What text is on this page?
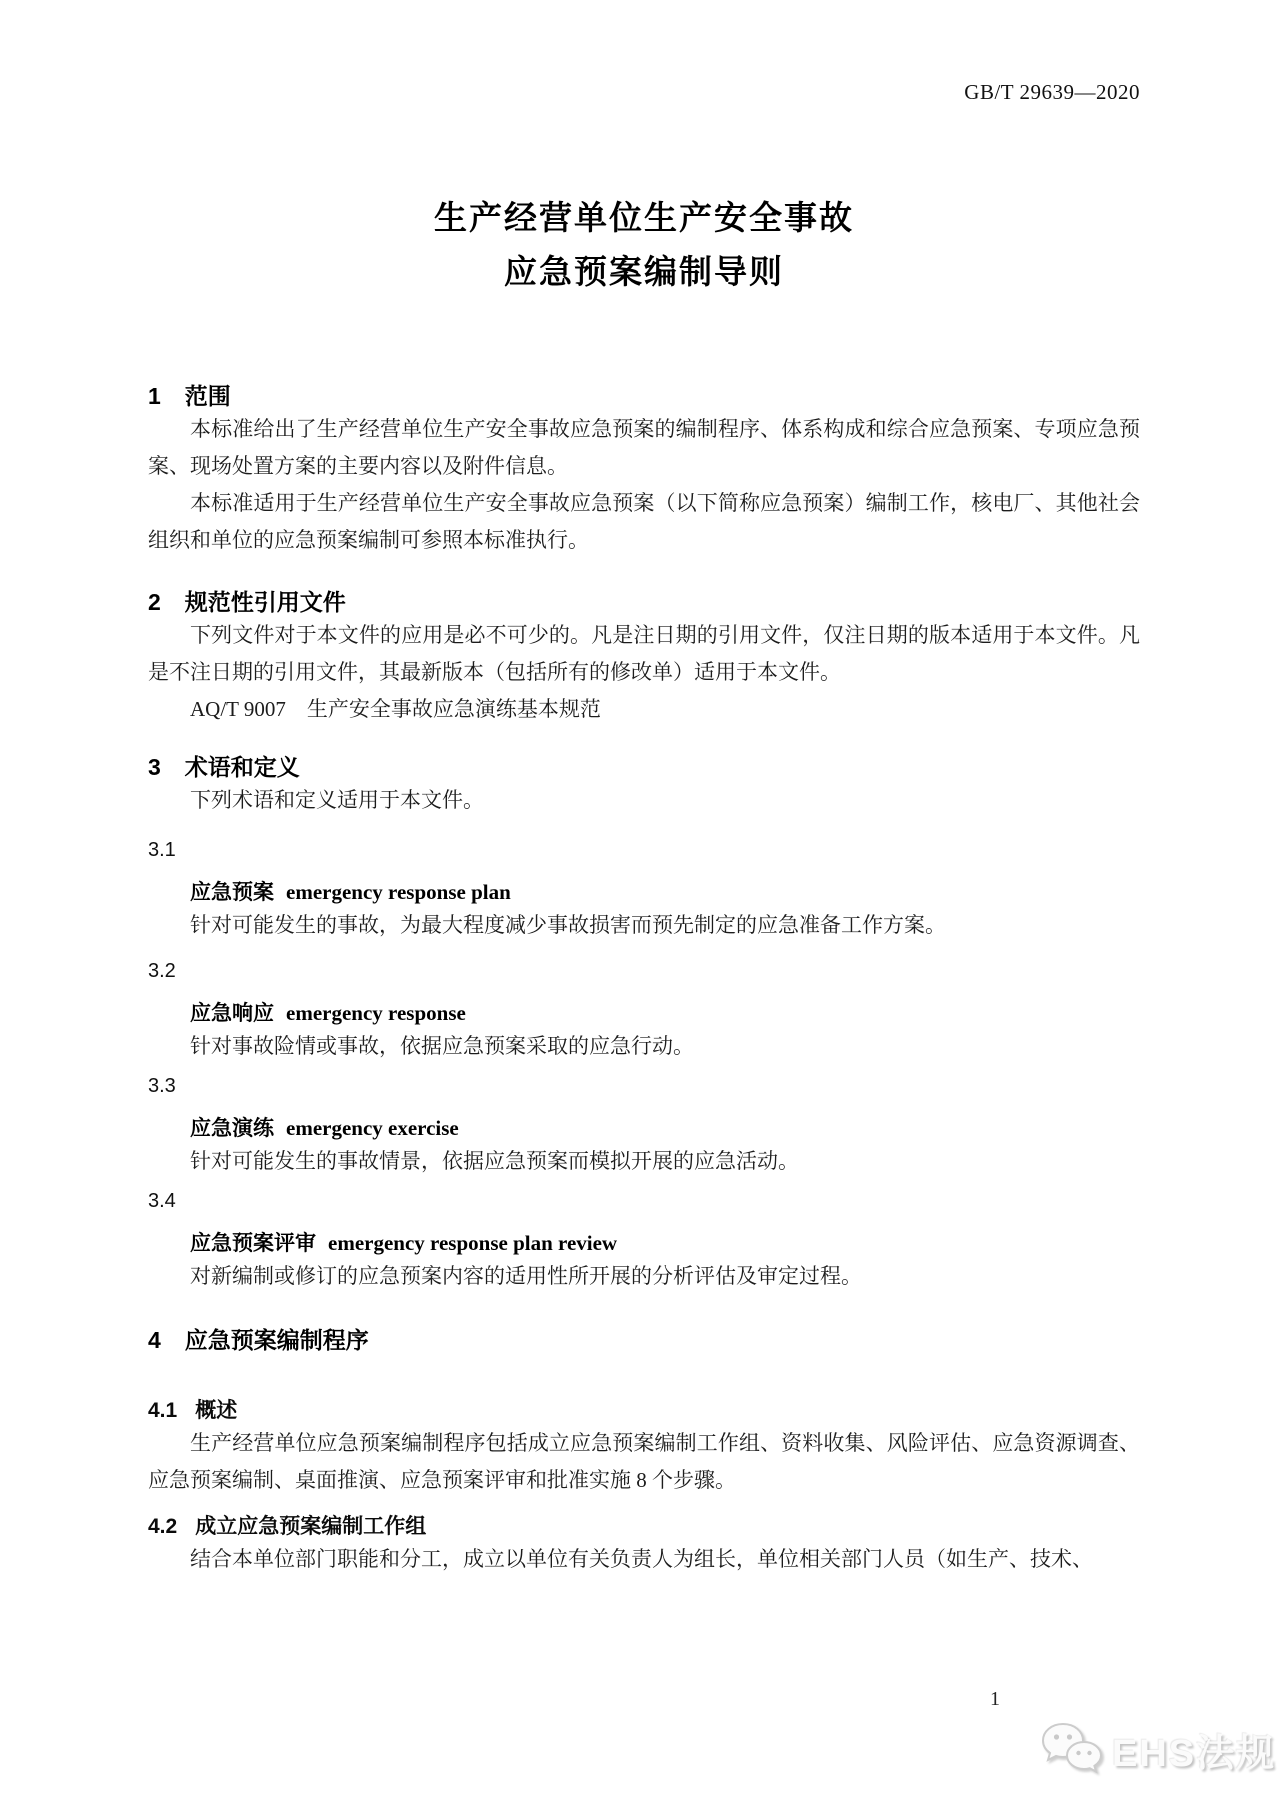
GB/T 29639—2020
生产经营单位生产安全事故
应急预案编制导则
1 范围

本标准给出了生产经营单位生产安全事故应急预案的编制程序、体系构成和综合应急预案、专项应急预案、现场处置方案的主要内容以及附件信息。

本标准适用于生产经营单位生产安全事故应急预案（以下简称应急预案）编制工作，核电厂、其他社会组织和单位的应急预案编制可参照本标准执行。

2 规范性引用文件

下列文件对于本文件的应用是必不可少的。凡是注日期的引用文件，仅注日期的版本适用于本文件。凡是不注日期的引用文件，其最新版本（包括所有的修改单）适用于本文件。

AQ/T 9007　生产安全事故应急演练基本规范

3 术语和定义

下列术语和定义适用于本文件。

3.1
应急预案 emergency response plan

针对可能发生的事故，为最大程度减少事故损害而预先制定的应急准备工作方案。

3.2
应急响应 emergency response

针对事故险情或事故，依据应急预案采取的应急行动。

3.3
应急演练 emergency exercise

针对可能发生的事故情景，依据应急预案而模拟开展的应急活动。

3.4
应急预案评审 emergency response plan review

对新编制或修订的应急预案内容的适用性所开展的分析评估及审定过程。

4 应急预案编制程序
4.1 概述

生产经营单位应急预案编制程序包括成立应急预案编制工作组、资料收集、风险评估、应急资源调查、应急预案编制、桌面推演、应急预案评审和批准实施 8 个步骤。

4.2 成立应急预案编制工作组

结合本单位部门职能和分工，成立以单位有关负责人为组长，单位相关部门人员（如生产、技术、

1
EHS法规
